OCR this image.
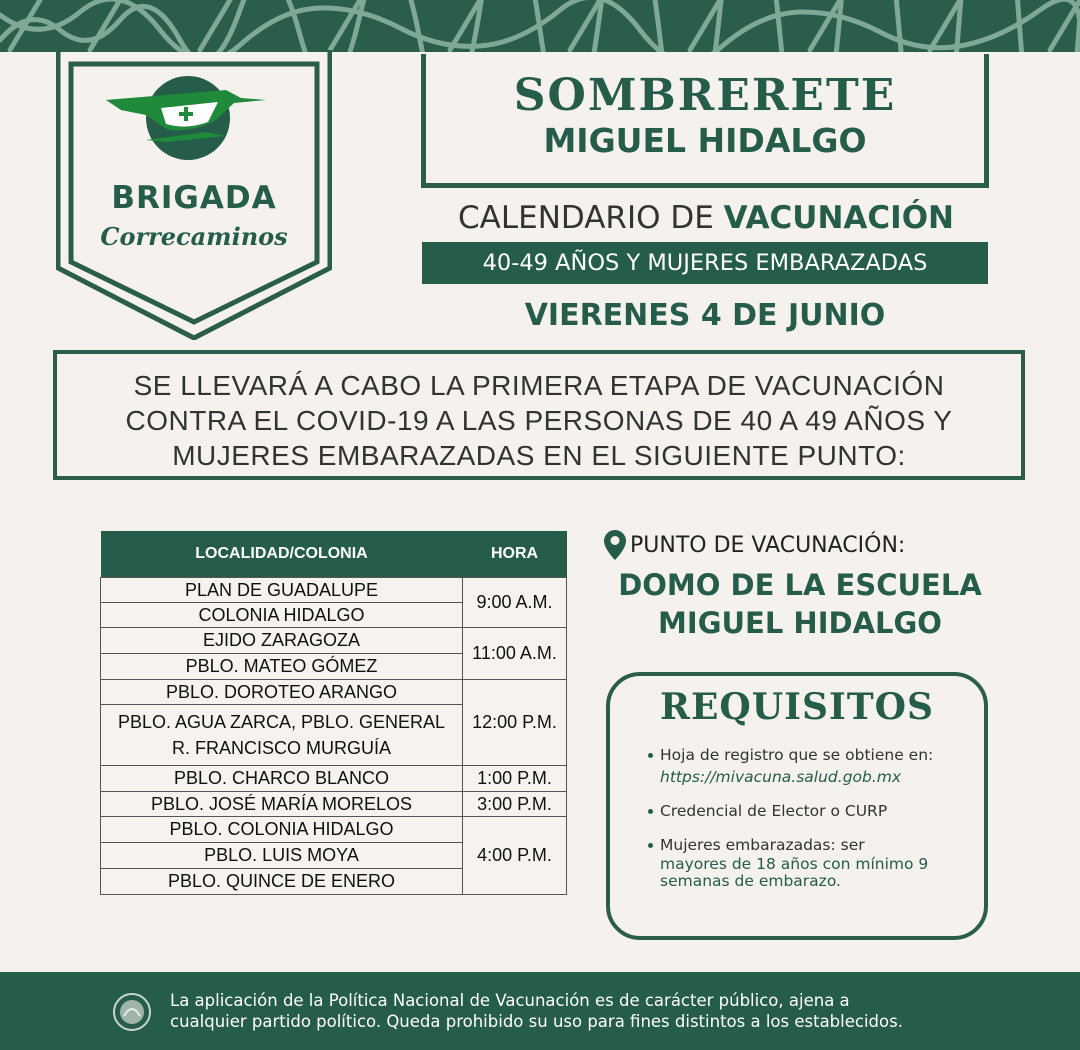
BRIGADA
Correcaminos
SOMBRERETE
MIGUEL HIDALGO
CALENDARIO DE VACUNACIÓN
40-49 AÑOS Y MUJERES EMBARAZADAS
VIERENES 4 DE JUNIO
SE LLEVARÁ A CABO LA PRIMERA ETAPA DE VACUNACIÓN
CONTRA EL COVID-19 A LAS PERSONAS DE 40 A 49 AÑOS Y
MUJERES EMBARAZADAS EN EL SIGUIENTE PUNTO:
LOCALIDAD/COLONIA	HORA
PLAN DE GUADALUPE	9:00 A.M.
COLONIA HIDALGO	
EJIDO ZARAGOZA	11:00 A.M.
PBLO. MATEO GÓMEZ	
PBLO. DOROTEO ARANGO	12:00 P.M.
PBLO. AGUA ZARCA, PBLO. GENERAL R. FRANCISCO MURGUÍA	
PBLO. CHARCO BLANCO	1:00 P.M.
PBLO. JOSÉ MARÍA MORELOS	3:00 P.M.
PBLO. COLONIA HIDALGO	4:00 P.M.
PBLO. LUIS MOYA	
PBLO. QUINCE DE ENERO	
PUNTO DE VACUNACIÓN:
DOMO DE LA ESCUELA
MIGUEL HIDALGO
REQUISITOS
Hoja de registro que se obtiene en: https://mivacuna.salud.gob.mx
Credencial de Elector o CURP
Mujeres embarazadas: ser
mayores de 18 años con mínimo 9 semanas de embarazo.
La aplicación de la Política Nacional de Vacunación es de carácter público, ajena a
cualquier partido político. Queda prohibido su uso para fines distintos a los establecidos.
